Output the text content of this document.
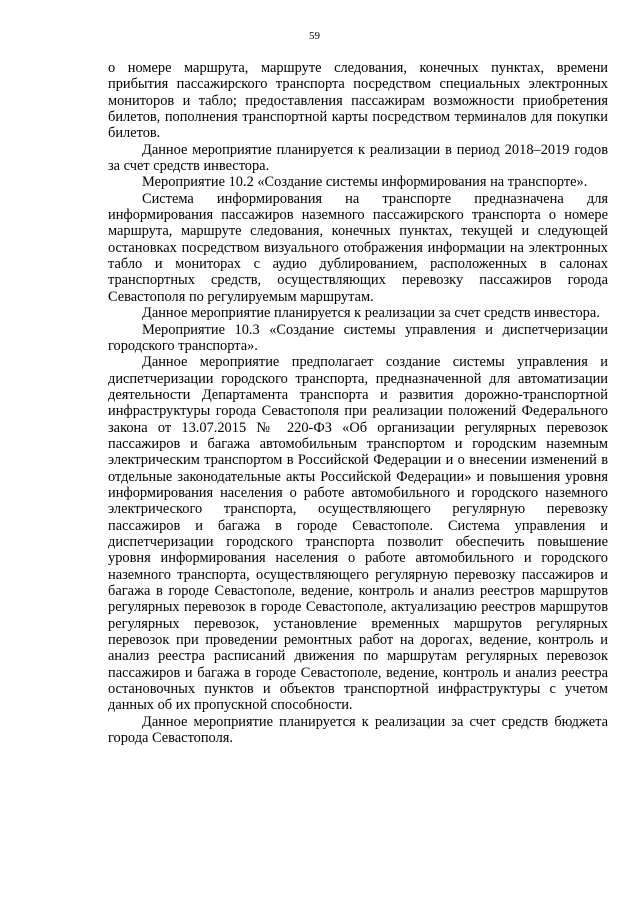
59

о номере маршрута, маршруте следования, конечных пунктах, времени прибытия пассажирского транспорта посредством специальных электронных мониторов и табло; предоставления пассажирам возможности приобретения билетов, пополнения транспортной карты посредством терминалов для покупки билетов.

Данное мероприятие планируется к реализации в период 2018–2019 годов за счет средств инвестора.

Мероприятие 10.2 «Создание системы информирования на транспорте».

Система информирования на транспорте предназначена для информирования пассажиров наземного пассажирского транспорта о номере маршрута, маршруте следования, конечных пунктах, текущей и следующей остановках посредством визуального отображения информации на электронных табло и мониторах с аудио дублированием, расположенных в салонах транспортных средств, осуществляющих перевозку пассажиров города Севастополя по регулируемым маршрутам.

Данное мероприятие планируется к реализации за счет средств инвестора.

Мероприятие 10.3 «Создание системы управления и диспетчеризации городского транспорта».

Данное мероприятие предполагает создание системы управления и диспетчеризации городского транспорта, предназначенной для автоматизации деятельности Департамента транспорта и развития дорожно-транспортной инфраструктуры города Севастополя при реализации положений Федерального закона от 13.07.2015 № 220-ФЗ «Об организации регулярных перевозок пассажиров и багажа автомобильным транспортом и городским наземным электрическим транспортом в Российской Федерации и о внесении изменений в отдельные законодательные акты Российской Федерации» и повышения уровня информирования населения о работе автомобильного и городского наземного электрического транспорта, осуществляющего регулярную перевозку пассажиров и багажа в городе Севастополе. Система управления и диспетчеризации городского транспорта позволит обеспечить повышение уровня информирования населения о работе автомобильного и городского наземного транспорта, осуществляющего регулярную перевозку пассажиров и багажа в городе Севастополе, ведение, контроль и анализ реестров маршрутов регулярных перевозок в городе Севастополе, актуализацию реестров маршрутов регулярных перевозок, установление временных маршрутов регулярных перевозок при проведении ремонтных работ на дорогах, ведение, контроль и анализ реестра расписаний движения по маршрутам регулярных перевозок пассажиров и багажа в городе Севастополе, ведение, контроль и анализ реестра остановочных пунктов и объектов транспортной инфраструктуры с учетом данных об их пропускной способности.

Данное мероприятие планируется к реализации за счет средств бюджета города Севастополя.
